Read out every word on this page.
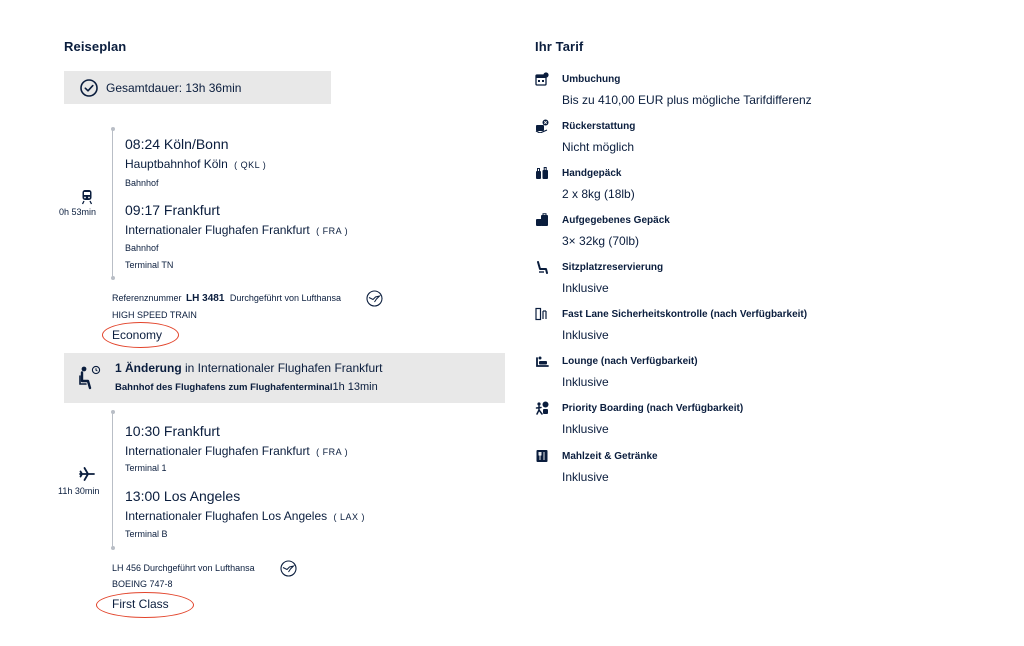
Reiseplan
Gesamtdauer: 13h 36min
0h 53min
08:24 Köln/Bonn
Hauptbahnhof Köln ( QKL )
Bahnhof
09:17 Frankfurt
Internationaler Flughafen Frankfurt ( FRA )
Bahnhof
Terminal TN
Referenznummer LH 3481 Durchgeführt von Lufthansa
HIGH SPEED TRAIN
Economy
1 Änderung in Internationaler Flughafen Frankfurt
Bahnhof des Flughafens zum Flughafenterminal1h 13min
11h 30min
10:30 Frankfurt
Internationaler Flughafen Frankfurt ( FRA )
Terminal 1
13:00 Los Angeles
Internationaler Flughafen Los Angeles ( LAX )
Terminal B
LH 456 Durchgeführt von Lufthansa
BOEING 747-8
First Class
Ihr Tarif
Umbuchung
Bis zu 410,00 EUR plus mögliche Tarifdifferenz
Rückerstattung
Nicht möglich
Handgepäck
2 x 8kg (18lb)
Aufgegebenes Gepäck
3× 32kg (70lb)
Sitzplatzreservierung
Inklusive
Fast Lane Sicherheitskontrolle (nach Verfügbarkeit)
Inklusive
Lounge (nach Verfügbarkeit)
Inklusive
Priority Boarding (nach Verfügbarkeit)
Inklusive
Mahlzeit & Getränke
Inklusive
